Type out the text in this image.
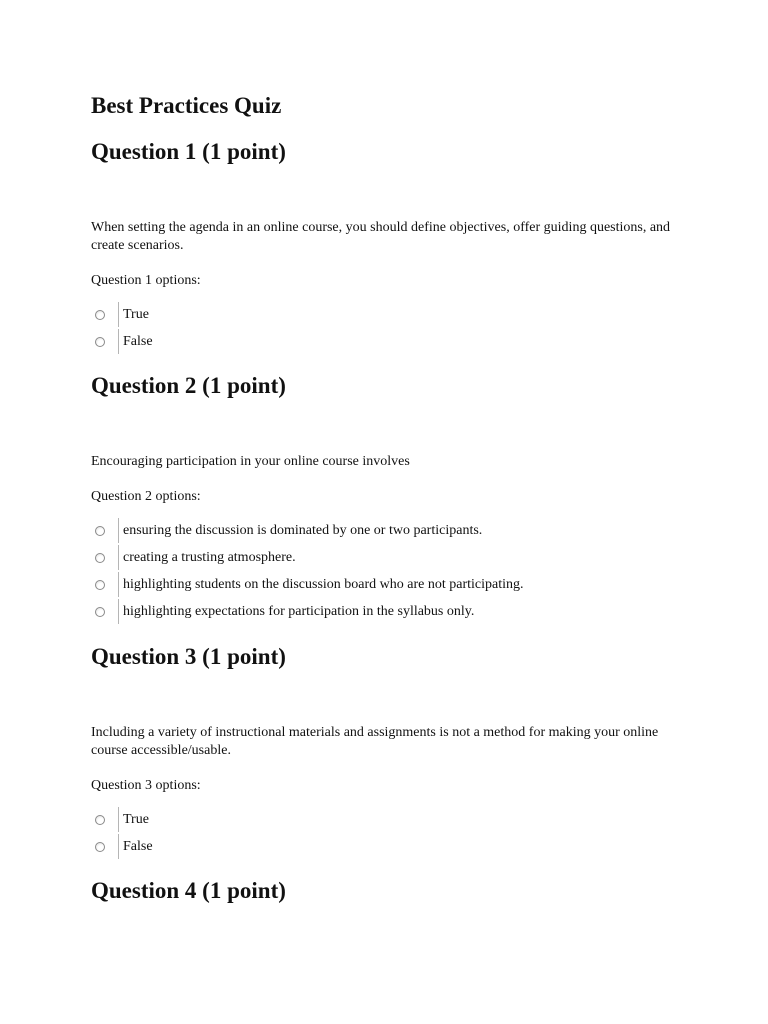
Best Practices Quiz
Question 1 (1 point)

When setting the agenda in an online course, you should define objectives, offer guiding questions, and create scenarios.

Question 1 options:

True
False
Question 2 (1 point)

Encouraging participation in your online course involves

Question 2 options:

ensuring the discussion is dominated by one or two participants.
creating a trusting atmosphere.
highlighting students on the discussion board who are not participating.
highlighting expectations for participation in the syllabus only.
Question 3 (1 point)

Including a variety of instructional materials and assignments is not a method for making your online course accessible/usable.

Question 3 options:

True
False
Question 4 (1 point)
